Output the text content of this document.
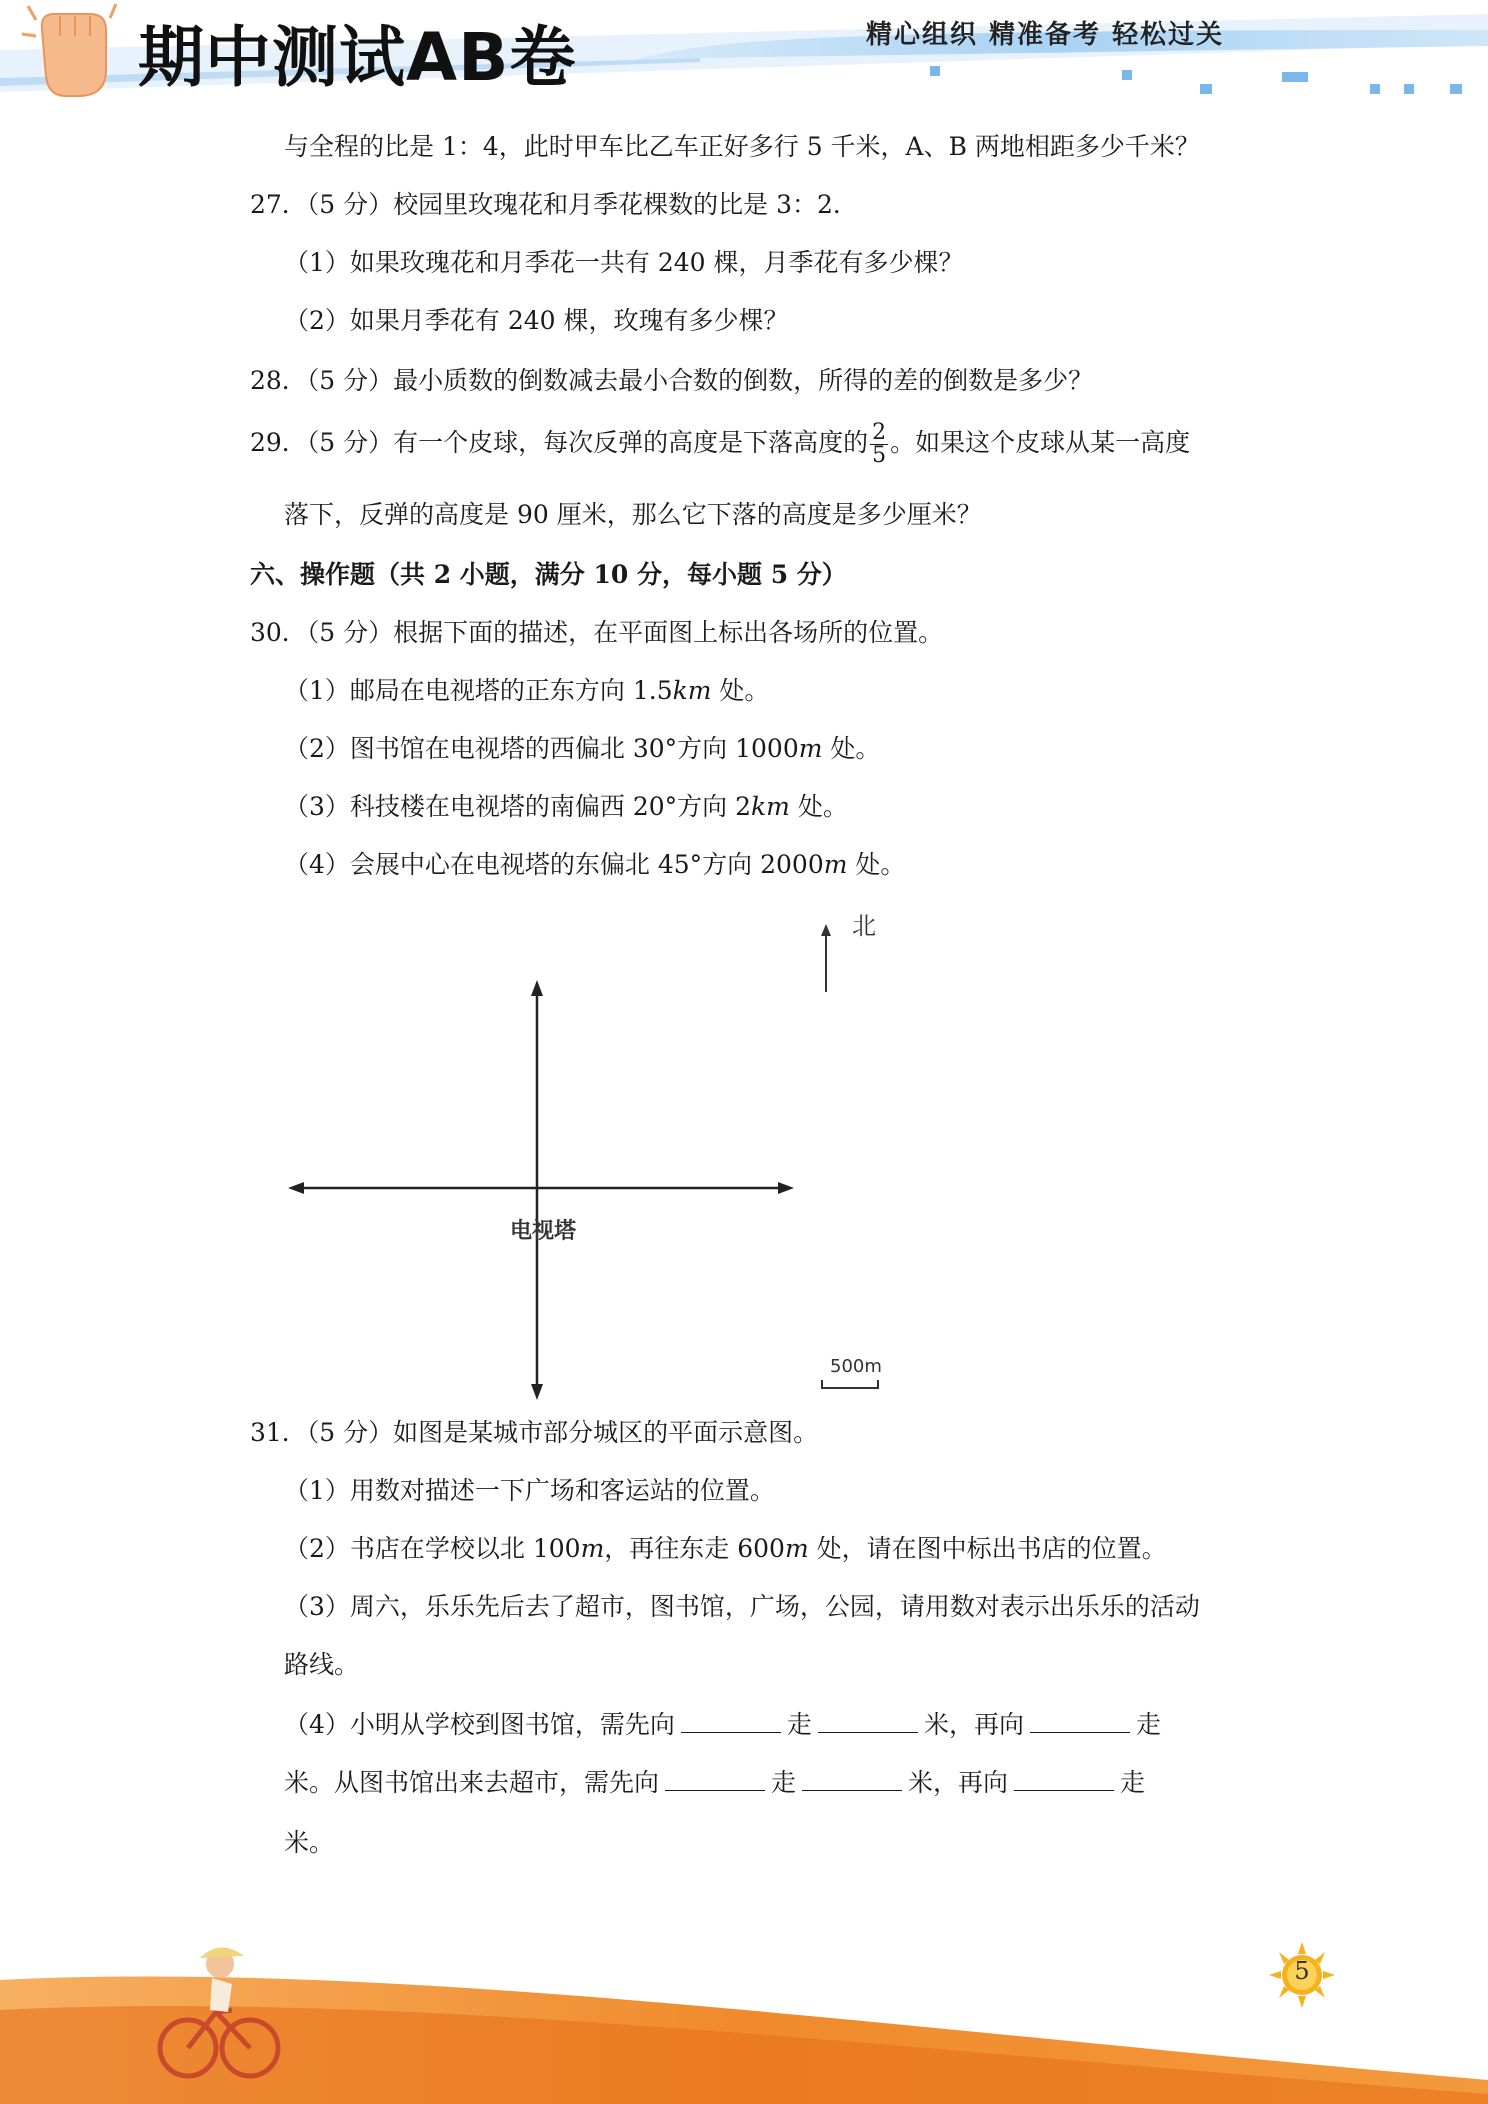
期中测试AB卷	精心组织 精准备考 轻松过关
与全程的比是 1：4，此时甲车比乙车正好多行 5 千米，A、B 两地相距多少千米？
27．（5 分）校园里玫瑰花和月季花棵数的比是 3：2．
（1）如果玫瑰花和月季花一共有 240 棵，月季花有多少棵？
（2）如果月季花有 240 棵，玫瑰有多少棵？
28．（5 分）最小质数的倒数减去最小合数的倒数，所得的差的倒数是多少？
29．（5 分）有一个皮球，每次反弹的高度是下落高度的 $\frac{2}{5}$ 。如果这个皮球从某一高度
落下，反弹的高度是 90 厘米，那么它下落的高度是多少厘米？
六、操作题（共 2 小题，满分 10 分，每小题 5 分）
30．（5 分）根据下面的描述，在平面图上标出各场所的位置。
（1）邮局在电视塔的正东方向 1.5km 处。
（2）图书馆在电视塔的西偏北 30°方向 1000m 处。
（3）科技楼在电视塔的南偏西 20°方向 2km 处。
（4）会展中心在电视塔的东偏北 45°方向 2000m 处。
北
电视塔
500m
31．（5 分）如图是某城市部分城区的平面示意图。
（1）用数对描述一下广场和客运站的位置。
（2）书店在学校以北 100m，再往东走 600m 处，请在图中标出书店的位置。
（3）周六，乐乐先后去了超市，图书馆，广场，公园，请用数对表示出乐乐的活动
路线。
（4）小明从学校到图书馆，需先向	走	米，再向	走
米。从图书馆出来去超市，需先向	走	米，再向	走
米。
5
